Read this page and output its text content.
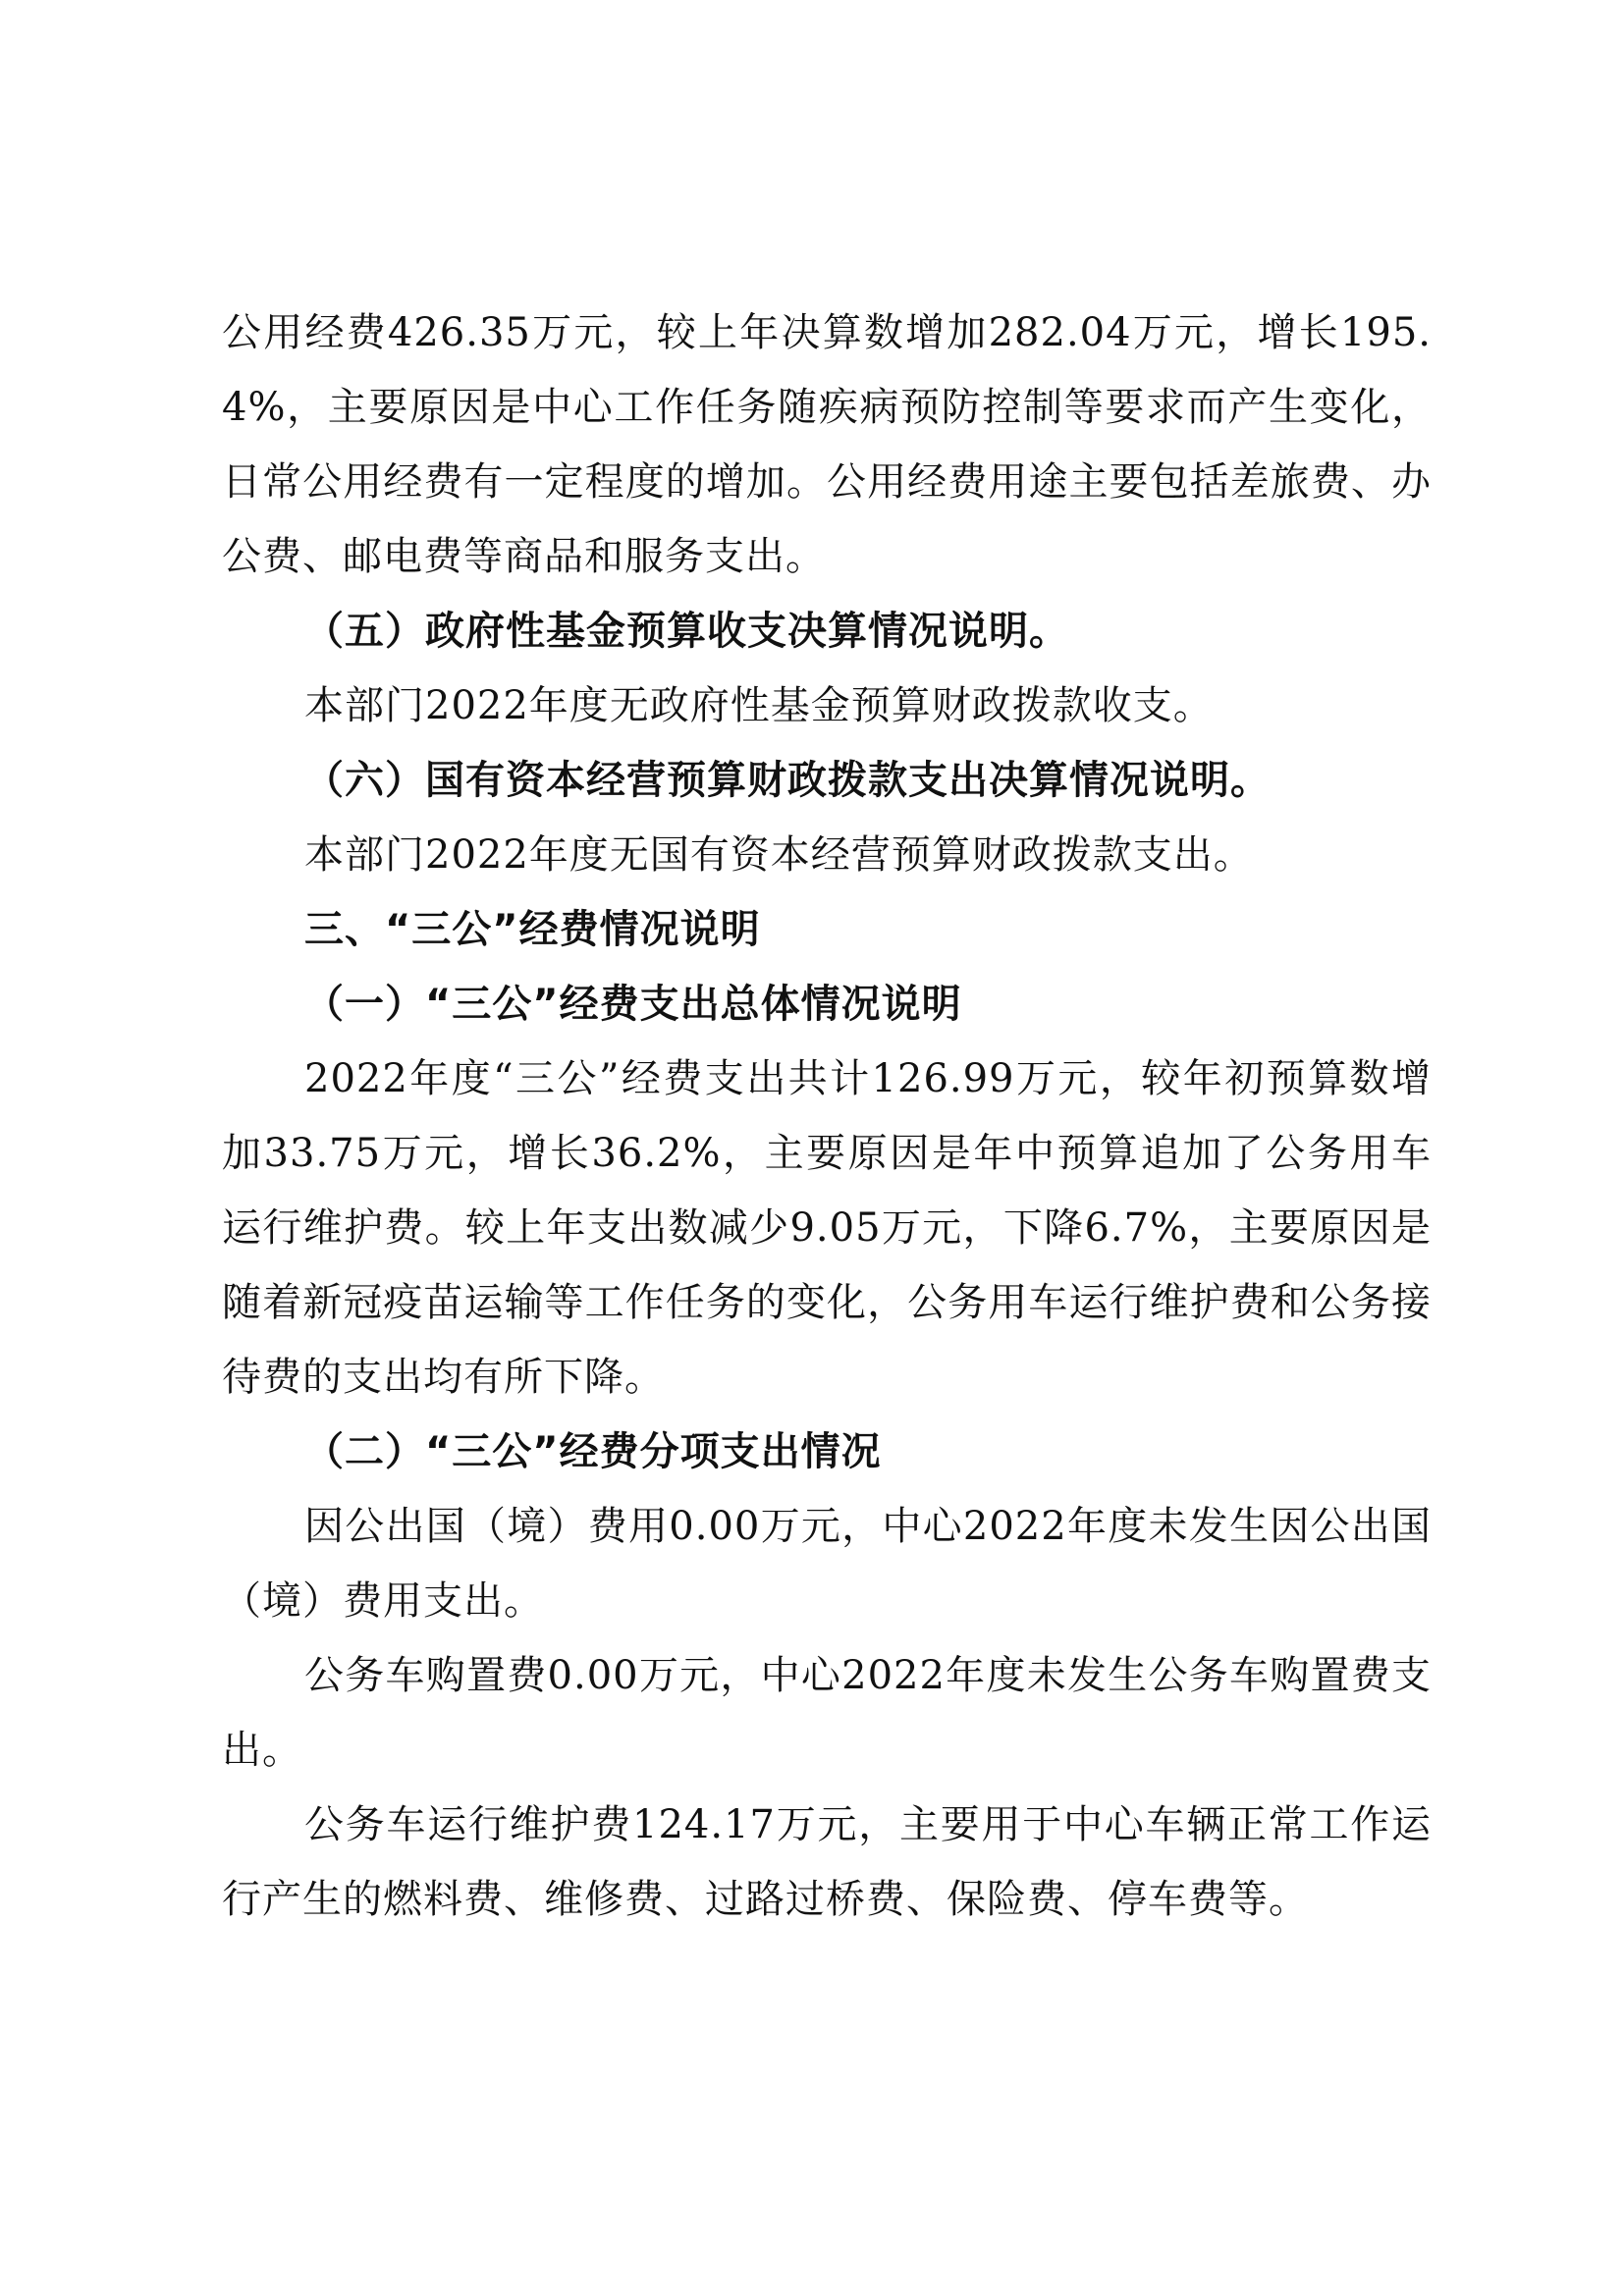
公用经费426.35万元，较上年决算数增加282.04万元，增长195.4%，主要原因是中心工作任务随疾病预防控制等要求而产生变化，日常公用经费有一定程度的增加。公用经费用途主要包括差旅费、办公费、邮电费等商品和服务支出。

（五）政府性基金预算收支决算情况说明。

本部门2022年度无政府性基金预算财政拨款收支。

（六）国有资本经营预算财政拨款支出决算情况说明。

本部门2022年度无国有资本经营预算财政拨款支出。

三、“三公”经费情况说明

（一）“三公”经费支出总体情况说明

2022年度“三公”经费支出共计126.99万元，较年初预算数增加33.75万元，增长36.2%，主要原因是年中预算追加了公务用车运行维护费。较上年支出数减少9.05万元，下降6.7%，主要原因是随着新冠疫苗运输等工作任务的变化，公务用车运行维护费和公务接待费的支出均有所下降。

（二）“三公”经费分项支出情况

因公出国（境）费用0.00万元，中心2022年度未发生因公出国（境）费用支出。

公务车购置费0.00万元，中心2022年度未发生公务车购置费支出。

公务车运行维护费124.17万元，主要用于中心车辆正常工作运行产生的燃料费、维修费、过路过桥费、保险费、停车费等。
